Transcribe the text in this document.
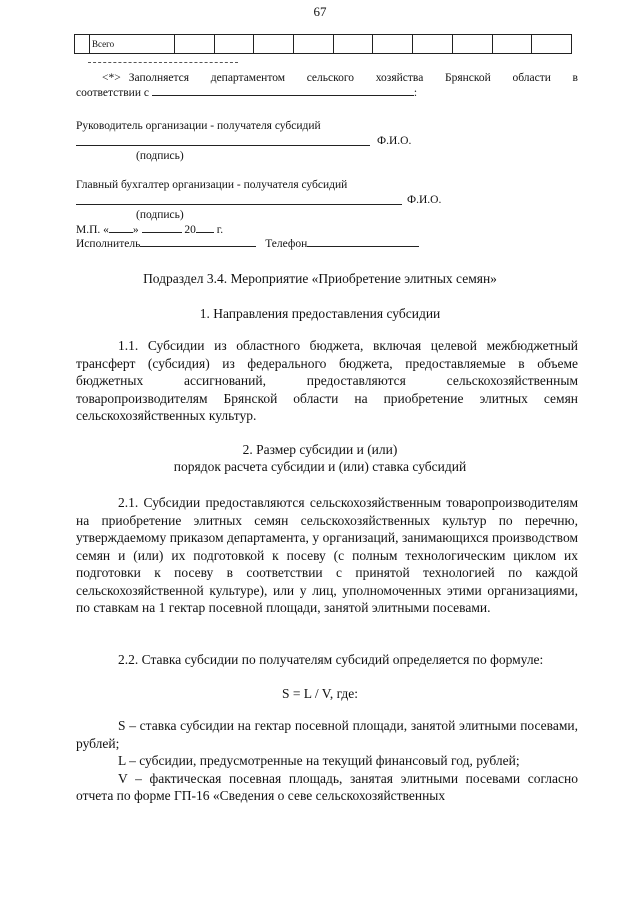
67
	Всего										
<*> Заполняется департаментом сельского хозяйства Брянской области в
соответствии с	:
Руководитель организации - получателя субсидий
Ф.И.О.
(подпись)
Главный бухгалтер организации - получателя субсидий
Ф.И.О.
(подпись)
М.П. « »	20 г.
Исполнитель	Телефон
Подраздел 3.4. Мероприятие «Приобретение элитных семян»
1. Направления предоставления субсидии

1.1. Субсидии из областного бюджета, включая целевой межбюджетный трансферт (субсидия) из федерального бюджета, предоставляемые в объеме бюджетных ассигнований, предоставляются сельскохозяйственным товаропроизводителям Брянской области на приобретение элитных семян сельскохозяйственных культур.

2. Размер субсидии и (или)
порядок расчета субсидии и (или) ставка субсидий

2.1. Субсидии предоставляются сельскохозяйственным товаропроизводителям на приобретение элитных семян сельскохозяйственных культур по перечню, утверждаемому приказом департамента, у организаций, занимающихся производством семян и (или) их подготовкой к посеву (с полным технологическим циклом их подготовки к посеву в соответствии с принятой технологией по каждой сельскохозяйственной культуре), или у лиц, уполномоченных этими организациями, по ставкам на 1 гектар посевной площади, занятой элитными посевами.

2.2. Ставка субсидии по получателям субсидий определяется по формуле:

S = L / V, где:

S – ставка субсидии на гектар посевной площади, занятой элитными посевами, рублей;

L – субсидии, предусмотренные на текущий финансовый год, рублей;

V – фактическая посевная площадь, занятая элитными посевами согласно отчета по форме ГП-16 «Сведения о севе сельскохозяйственных
